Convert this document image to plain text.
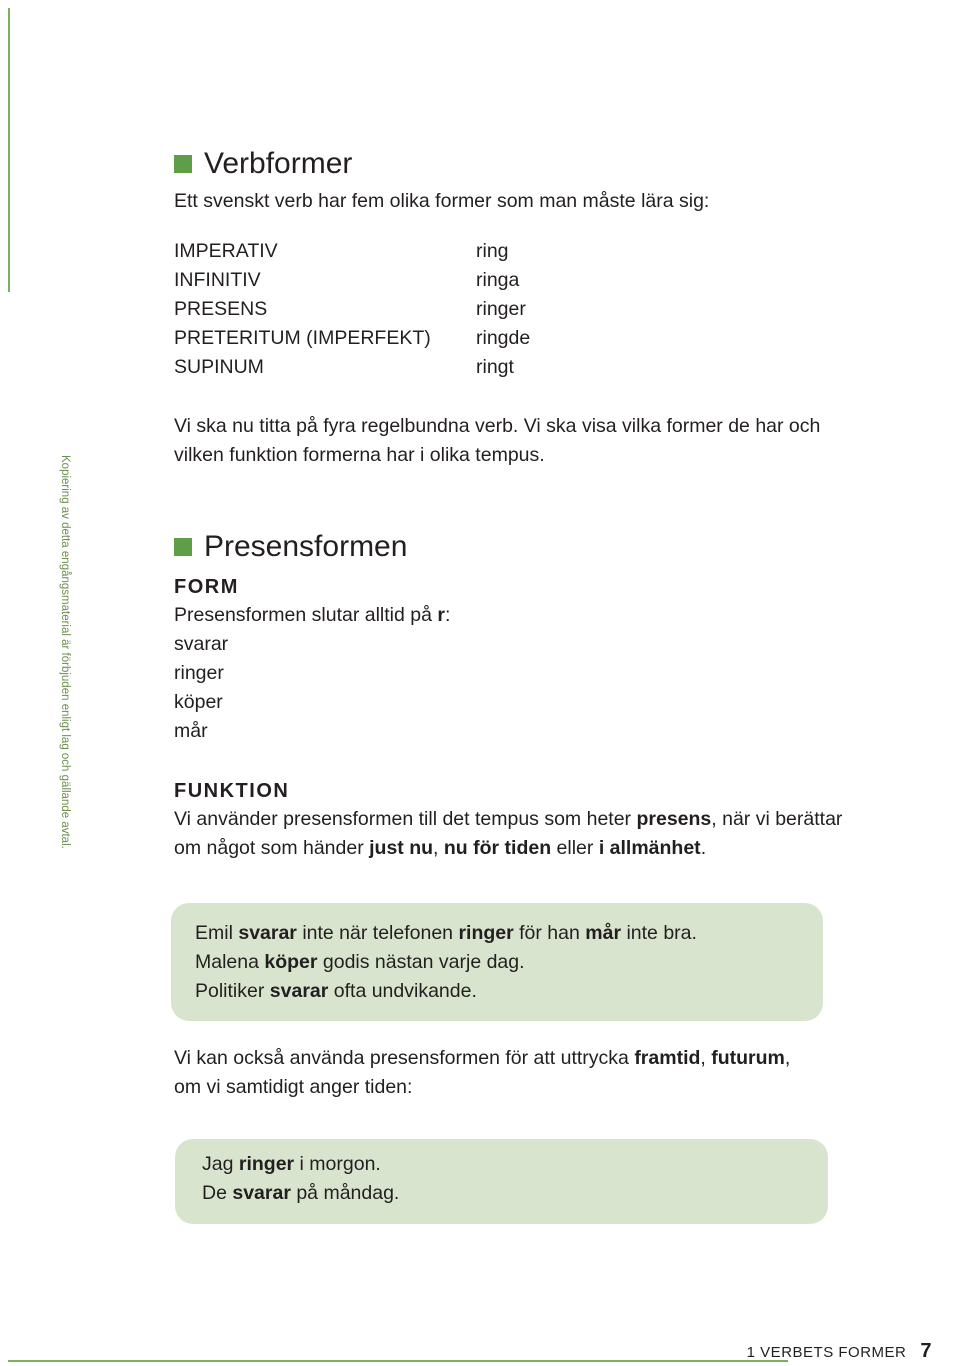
Kopiering av detta engångsmaterial är förbjuden enligt lag och gällande avtal.
Verbformer
Ett svenskt verb har fem olika former som man måste lära sig:
IMPERATIV	ring
INFINITIV	ringa
PRESENS	ringer
PRETERITUM (IMPERFEKT)	ringde
SUPINUM	ringt
Vi ska nu titta på fyra regelbundna verb. Vi ska visa vilka former de har och
vilken funktion formerna har i olika tempus.
Presensformen
FORM
Presensformen slutar alltid på r:
svarar
ringer
köper
mår
FUNKTION
Vi använder presensformen till det tempus som heter presens, när vi berättar
om något som händer just nu, nu för tiden eller i allmänhet.
Emil svarar inte när telefonen ringer för han mår inte bra.
Malena köper godis nästan varje dag.
Politiker svarar ofta undvikande.
Vi kan också använda presensformen för att uttrycka framtid, futurum,
om vi samtidigt anger tiden:
Jag ringer i morgon.
De svarar på måndag.
1 VERBETS FORMER 7
